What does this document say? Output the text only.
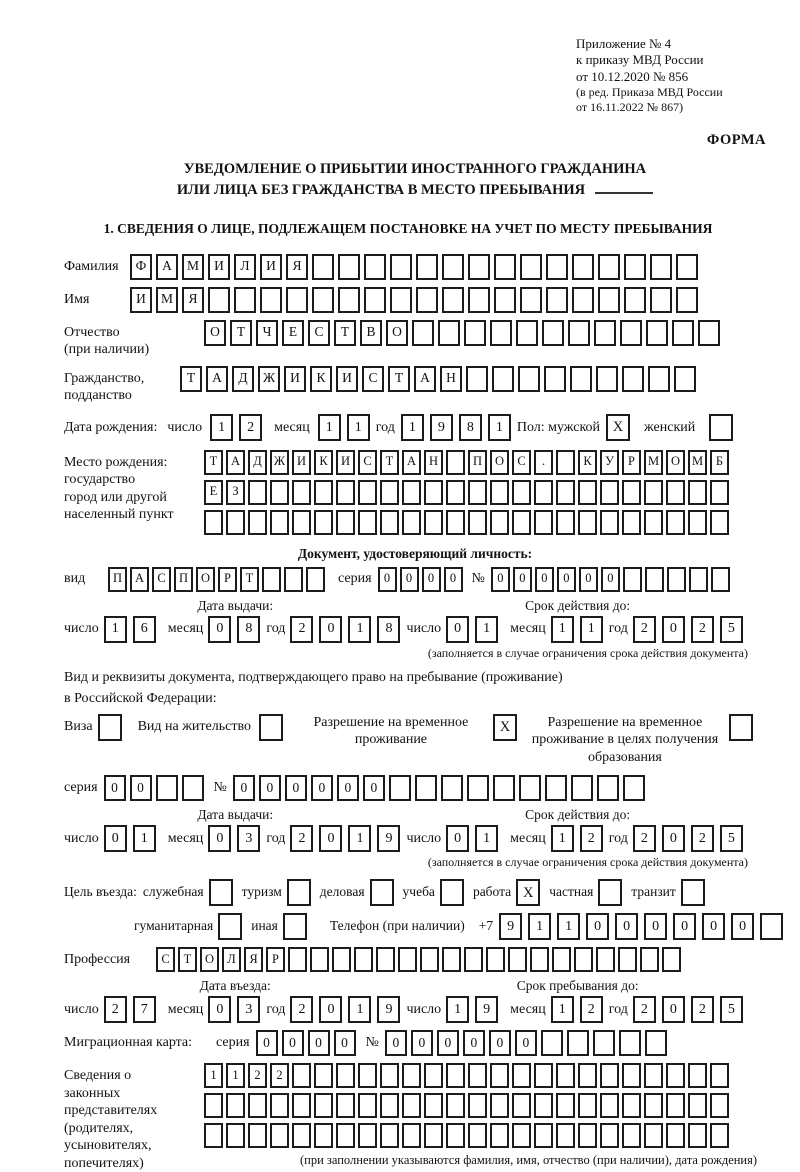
Приложение № 4
к приказу МВД России
от 10.12.2020 № 856
(в ред. Приказа МВД России
от 16.11.2022 № 867)
ФОРМА
УВЕДОМЛЕНИЕ О ПРИБЫТИИ ИНОСТРАННОГО ГРАЖДАНИНА
ИЛИ ЛИЦА БЕЗ ГРАЖДАНСТВА В МЕСТО ПРЕБЫВАНИЯ
1. СВЕДЕНИЯ О ЛИЦЕ, ПОДЛЕЖАЩЕМ ПОСТАНОВКЕ НА УЧЕТ ПО МЕСТУ ПРЕБЫВАНИЯ
Фамилия	Ф	А	М	И	Л	И	Я
Имя	И	М	Я
Отчество
(при наличии)
О	Т	Ч	Е	С	Т	В	О
Гражданство,
подданство
Т	А	Д	Ж	И	К	И	С	Т	А	Н
Дата рождения: число	1	2	месяц	1	1	год	1	9	8	1	Пол: мужской X	женский
Место рождения:
государство
город или другой
населенный пункт
Т	А	Д Ж И	К	И	С	Т	А	Н	П	О	С	.	К	У	Р	М О М	Б
Е	З
Документ, удостоверяющий личность:
вид	П	А	С	П	О	Р	Т	серия 0	0	0	0	№ 0	0	0	0	0	0
Дата выдачи:
число 1	6	месяц 0	8	год 2	0	1	8
Срок действия до:
число 0	1	месяц 1	1	год 2	0	2	5
(заполняется в случае ограничения срока действия документа)
Вид и реквизиты документа, подтверждающего право на пребывание (проживание)
в Российской Федерации:
Виза	Вид на жительство	Разрешение на временное проживание
X	Разрешение на временное проживание в целях получения образования
серия	0	0	№	0	0	0	0	0	0
Дата выдачи:
число 0	1	месяц 0	3	год 2	0	1	9
Срок действия до:
число 0	1	месяц 1	2	год 2	0	2	5
(заполняется в случае ограничения срока действия документа)
Цель въезда: служебная	туризм	деловая	учеба	работа X	частная	транзит
гуманитарная	иная	Телефон (при наличии) +7	9	1	1	0	0	0	0	0	0
Профессия	С	Т	О	Л	Я	Р
Дата въезда:
число 2	7	месяц 0	3	год 2	0	1	9
Срок пребывания до:
число 1	9	месяц 1	2	год 2	0	2	5
Миграционная карта:	серия	0	0	0	0	№	0	0	0	0	0	0
Сведения о
законных
представителях
(родителях,
усыновителях,
попечителях)
1	1	2	2
(при заполнении указываются фамилия, имя, отчество (при наличии), дата рождения)
